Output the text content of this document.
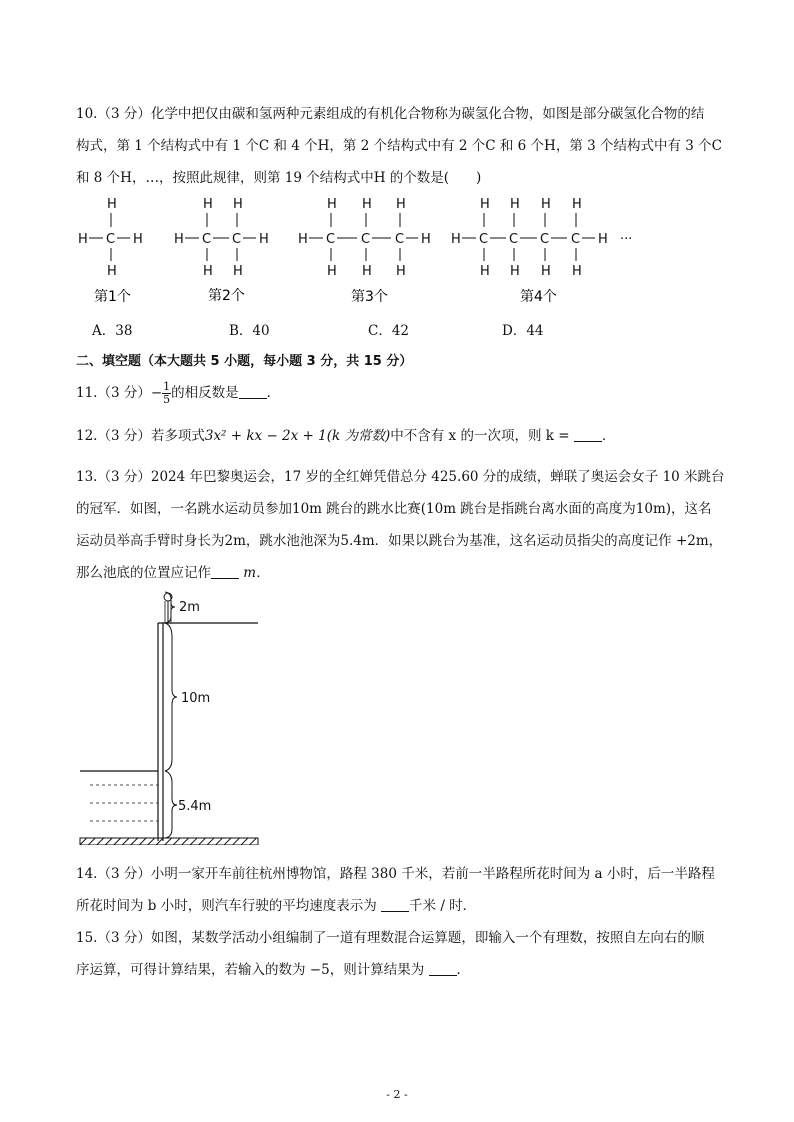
10.（3 分）化学中把仅由碳和氢两种元素组成的有机化合物称为碳氢化合物，如图是部分碳氢化合物的结
构式，第 1 个结构式中有 1 个C 和 4 个H，第 2 个结构式中有 2 个C 和 6 个H，第 3 个结构式中有 3 个C
和 8 个H，…，按照此规律，则第 19 个结构式中H 的个数是(　　)
H
H C H
H
H H
H C C H
H H
H H H
H C C C H
H H H
H H H H
H C C C C H ···
H H H H
第1个	第2个	第3个	第4个
A．38	B．40	C．42	D．44
二、填空题（本大题共 5 小题，每小题 3 分，共 15 分）
11.（3 分）− $\frac{1}{5}$ 的相反数是 ．
12.（3 分）若多项式3x² + kx − 2x + 1(k 为常数)中不含有 x 的一次项，则 k = ．
13.（3 分）2024 年巴黎奥运会，17 岁的全红婵凭借总分 425.60 分的成绩，蝉联了奥运会女子 10 米跳台
的冠军．如图，一名跳水运动员参加10m 跳台的跳水比赛(10m 跳台是指跳台离水面的高度为10m)，这名
运动员举高手臂时身长为2m，跳水池池深为5.4m．如果以跳台为基准，这名运动员指尖的高度记作 +2m，
那么池底的位置应记作 m．
2m
10m
5.4m
14.（3 分）小明一家开车前往杭州博物馆，路程 380 千米，若前一半路程所花时间为 a 小时，后一半路程
所花时间为 b 小时，则汽车行驶的平均速度表示为 千米 / 时．
15.（3 分）如图，某数学活动小组编制了一道有理数混合运算题，即输入一个有理数，按照自左向右的顺
序运算，可得计算结果，若输入的数为 −5，则计算结果为 ．
- 2 -
